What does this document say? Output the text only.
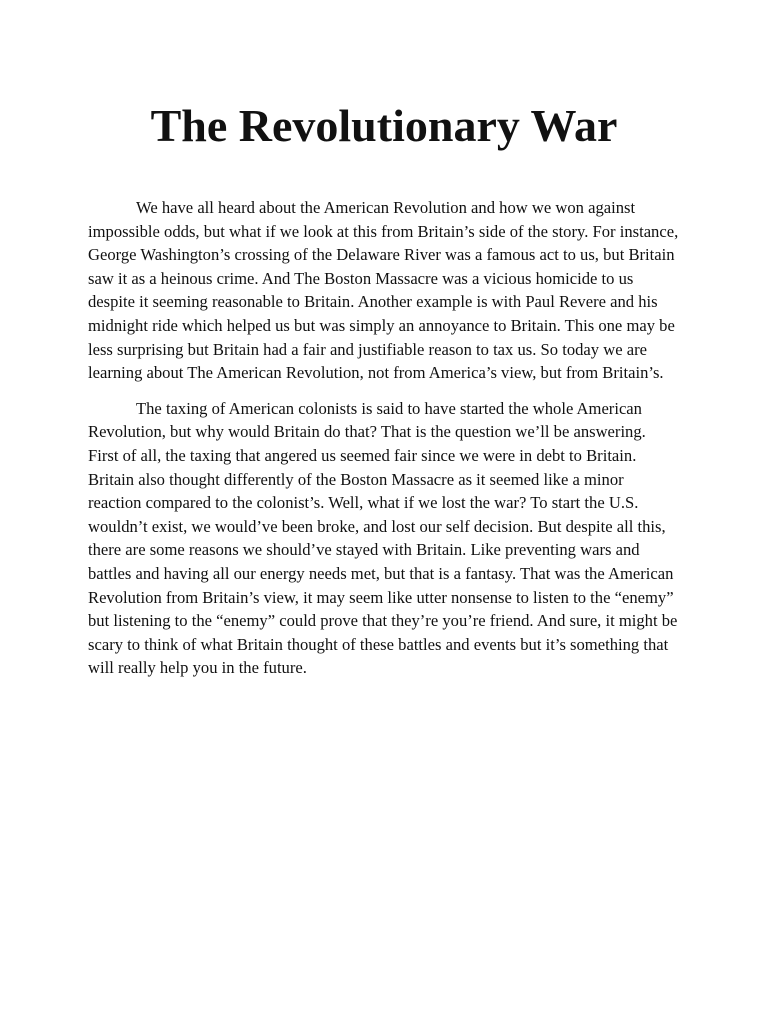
The Revolutionary War

We have all heard about the American Revolution and how we won against impossible odds, but what if we look at this from Britain’s side of the story. For instance, George Washington’s crossing of the Delaware River was a famous act to us, but Britain saw it as a heinous crime. And The Boston Massacre was a vicious homicide to us despite it seeming reasonable to Britain. Another example is with Paul Revere and his midnight ride which helped us but was simply an annoyance to Britain. This one may be less surprising but Britain had a fair and justifiable reason to tax us. So today we are learning about The American Revolution, not from America’s view, but from Britain’s.

The taxing of American colonists is said to have started the whole American Revolution, but why would Britain do that? That is the question we’ll be answering. First of all, the taxing that angered us seemed fair since we were in debt to Britain. Britain also thought differently of the Boston Massacre as it seemed like a minor reaction compared to the colonist’s. Well, what if we lost the war? To start the U.S. wouldn’t exist, we would’ve been broke, and lost our self decision. But despite all this, there are some reasons we should’ve stayed with Britain. Like preventing wars and battles and having all our energy needs met, but that is a fantasy. That was the American Revolution from Britain’s view, it may seem like utter nonsense to listen to the “enemy” but listening to the “enemy” could prove that they’re you’re friend. And sure, it might be scary to think of what Britain thought of these battles and events but it’s something that will really help you in the future.
